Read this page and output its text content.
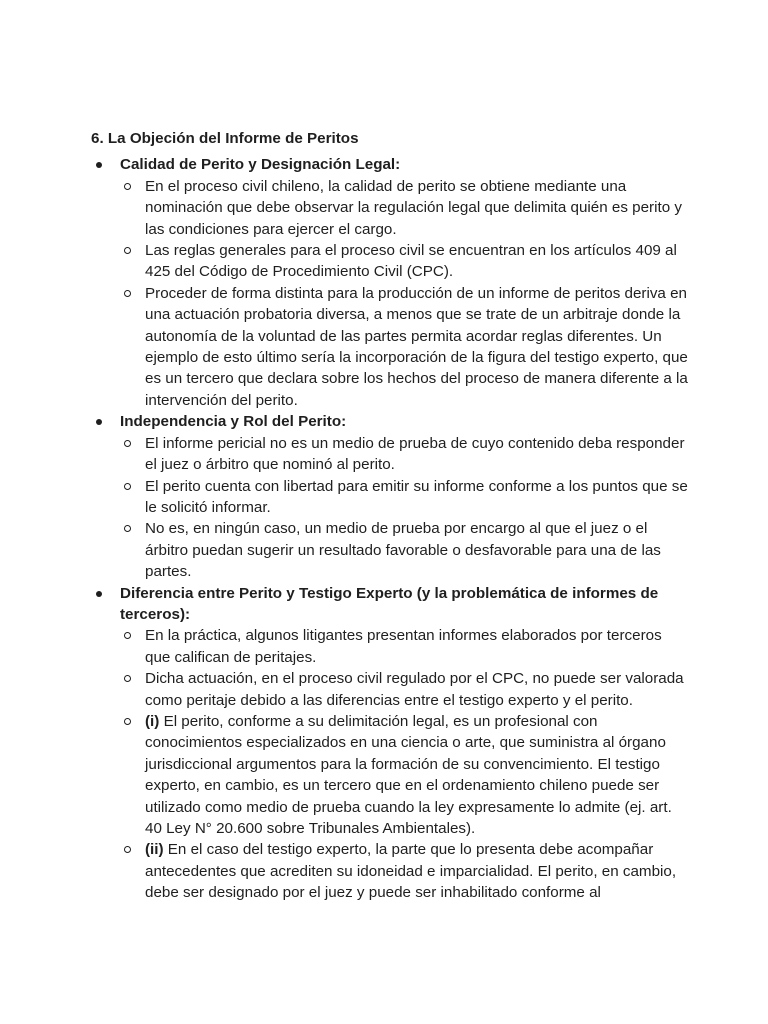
6. La Objeción del Informe de Peritos
Calidad de Perito y Designación Legal:
En el proceso civil chileno, la calidad de perito se obtiene mediante una nominación que debe observar la regulación legal que delimita quién es perito y las condiciones para ejercer el cargo.
Las reglas generales para el proceso civil se encuentran en los artículos 409 al 425 del Código de Procedimiento Civil (CPC).
Proceder de forma distinta para la producción de un informe de peritos deriva en una actuación probatoria diversa, a menos que se trate de un arbitraje donde la autonomía de la voluntad de las partes permita acordar reglas diferentes. Un ejemplo de esto último sería la incorporación de la figura del testigo experto, que es un tercero que declara sobre los hechos del proceso de manera diferente a la intervención del perito.
Independencia y Rol del Perito:
El informe pericial no es un medio de prueba de cuyo contenido deba responder el juez o árbitro que nominó al perito.
El perito cuenta con libertad para emitir su informe conforme a los puntos que se le solicitó informar.
No es, en ningún caso, un medio de prueba por encargo al que el juez o el árbitro puedan sugerir un resultado favorable o desfavorable para una de las partes.
Diferencia entre Perito y Testigo Experto (y la problemática de informes de terceros):
En la práctica, algunos litigantes presentan informes elaborados por terceros que califican de peritajes.
Dicha actuación, en el proceso civil regulado por el CPC, no puede ser valorada como peritaje debido a las diferencias entre el testigo experto y el perito.
(i) El perito, conforme a su delimitación legal, es un profesional con conocimientos especializados en una ciencia o arte, que suministra al órgano jurisdiccional argumentos para la formación de su convencimiento. El testigo experto, en cambio, es un tercero que en el ordenamiento chileno puede ser utilizado como medio de prueba cuando la ley expresamente lo admite (ej. art. 40 Ley N° 20.600 sobre Tribunales Ambientales).
(ii) En el caso del testigo experto, la parte que lo presenta debe acompañar antecedentes que acrediten su idoneidad e imparcialidad. El perito, en cambio, debe ser designado por el juez y puede ser inhabilitado conforme al
